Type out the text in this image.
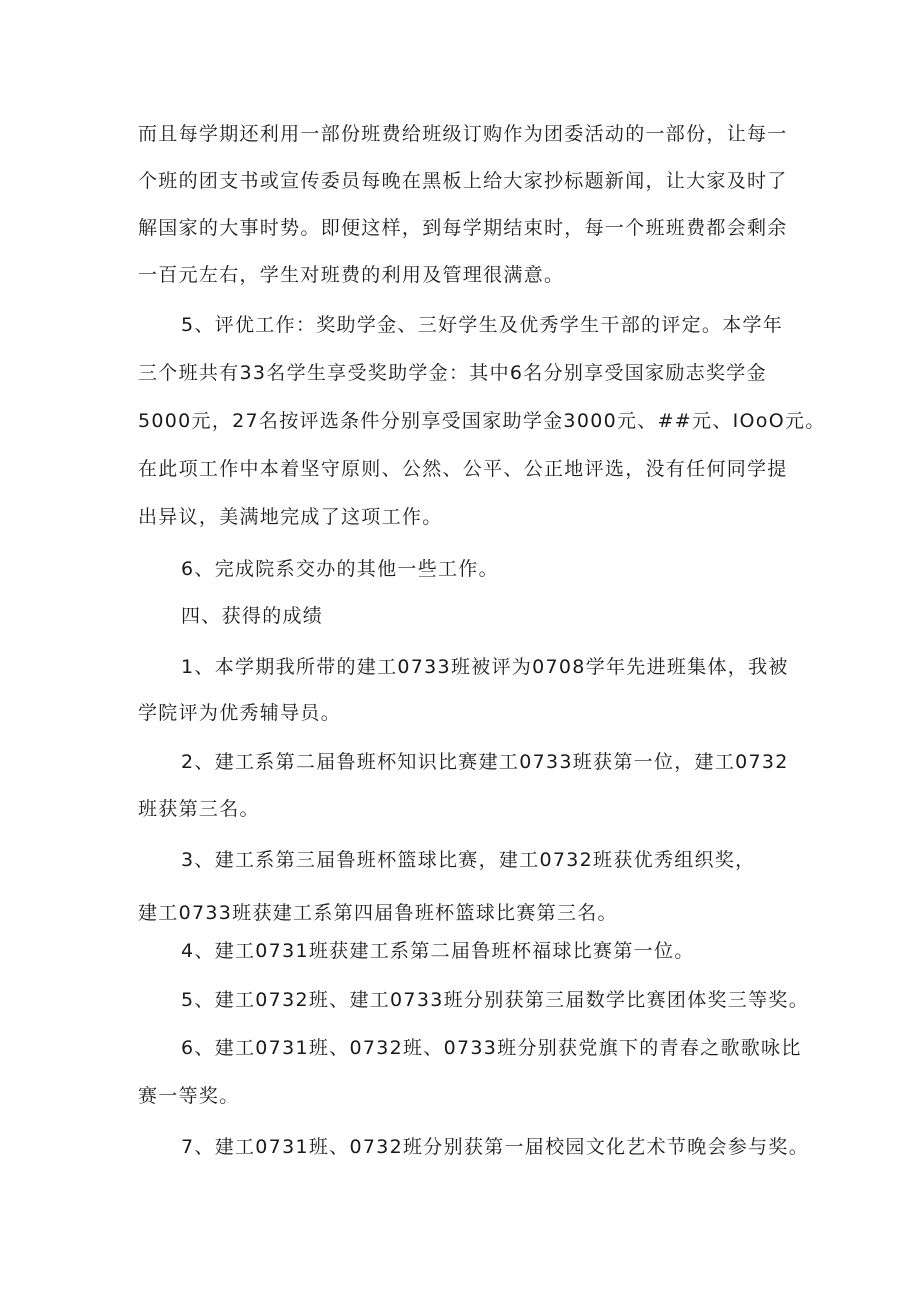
而且每学期还利用一部份班费给班级订购作为团委活动的一部份，让每一

个班的团支书或宣传委员每晚在黑板上给大家抄标题新闻，让大家及时了

解国家的大事时势。即便这样，到每学期结束时，每一个班班费都会剩余

一百元左右，学生对班费的利用及管理很满意。

5、评优工作：奖助学金、三好学生及优秀学生干部的评定。本学年

三个班共有33名学生享受奖助学金：其中6名分别享受国家励志奖学金

5000元，27名按评选条件分别享受国家助学金3000元、##元、IOoO元。

在此项工作中本着坚守原则、公然、公平、公正地评选，没有任何同学提

出异议，美满地完成了这项工作。

6、完成院系交办的其他一些工作。

四、获得的成绩

1、本学期我所带的建工0733班被评为0708学年先进班集体，我被

学院评为优秀辅导员。

2、建工系第二届鲁班杯知识比赛建工0733班获第一位，建工0732

班获第三名。

3、建工系第三届鲁班杯篮球比赛，建工0732班获优秀组织奖，

建工0733班获建工系第四届鲁班杯篮球比赛第三名。

4、建工0731班获建工系第二届鲁班杯福球比赛第一位。

5、建工0732班、建工0733班分别获第三届数学比赛团体奖三等奖。

6、建工0731班、0732班、0733班分别获党旗下的青春之歌歌咏比

赛一等奖。

7、建工0731班、0732班分别获第一届校园文化艺术节晚会参与奖。
